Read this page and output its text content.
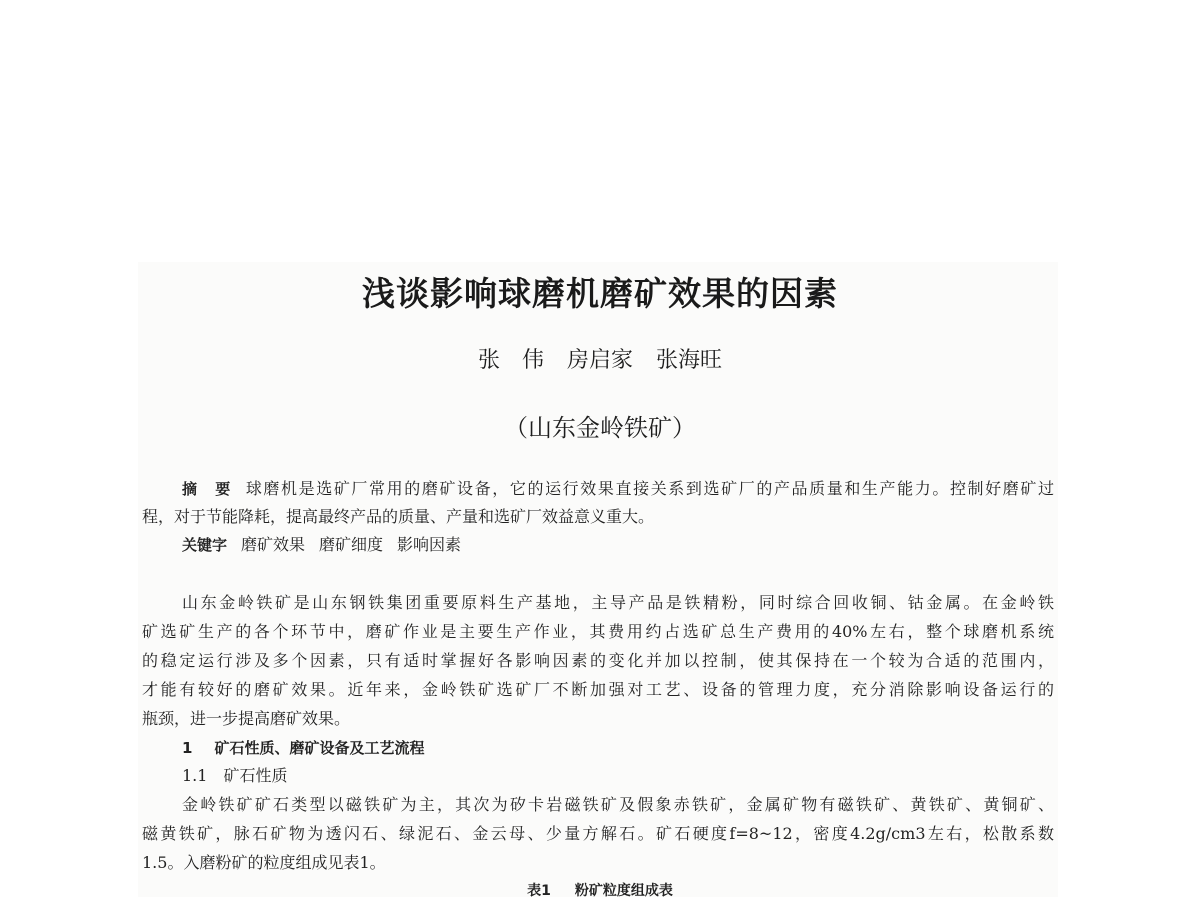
浅谈影响球磨机磨矿效果的因素
张　伟 房启家 张海旺
（山东金岭铁矿）
摘　要 球磨机是选矿厂常用的磨矿设备，它的运行效果直接关系到选矿厂的产品质量和生产能力。控制好磨矿过
程，对于节能降耗，提高最终产品的质量、产量和选矿厂效益意义重大。
关键字 磨矿效果 磨矿细度 影响因素
山东金岭铁矿是山东钢铁集团重要原料生产基地，主导产品是铁精粉，同时综合回收铜、钴金属。在金岭铁
矿选矿生产的各个环节中，磨矿作业是主要生产作业，其费用约占选矿总生产费用的40%左右，整个球磨机系统
的稳定运行涉及多个因素，只有适时掌握好各影响因素的变化并加以控制，使其保持在一个较为合适的范围内，
才能有较好的磨矿效果。近年来，金岭铁矿选矿厂不断加强对工艺、设备的管理力度，充分消除影响设备运行的
瓶颈，进一步提高磨矿效果。
1 矿石性质、磨矿设备及工艺流程
1.1 矿石性质
金岭铁矿矿石类型以磁铁矿为主，其次为矽卡岩磁铁矿及假象赤铁矿，金属矿物有磁铁矿、黄铁矿、黄铜矿、
磁黄铁矿，脉石矿物为透闪石、绿泥石、金云母、少量方解石。矿石硬度f=8~12，密度4.2g/cm3左右，松散系数
1.5。入磨粉矿的粒度组成见表1。
表1 粉矿粒度组成表
